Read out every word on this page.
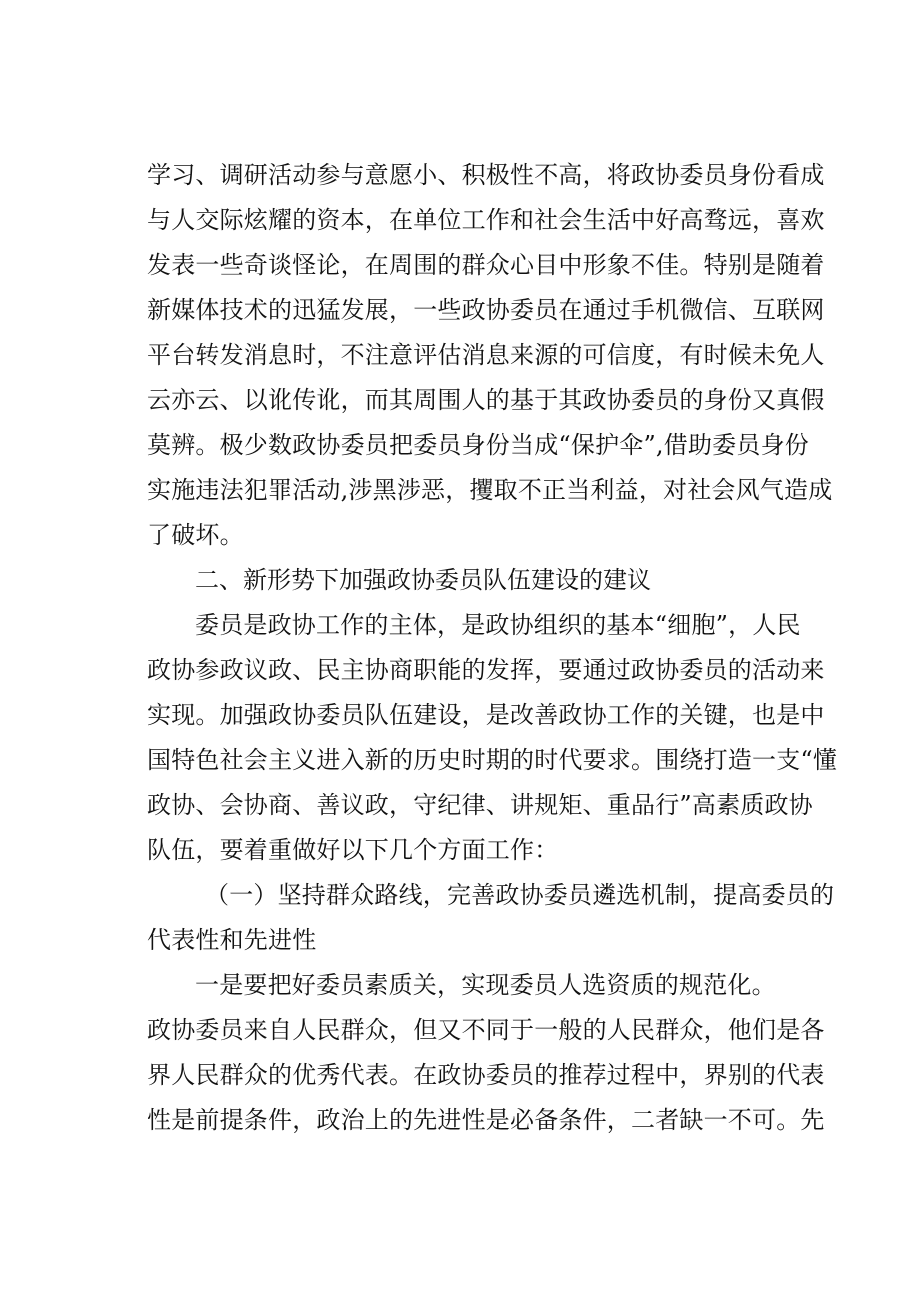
学习、调研活动参与意愿小、积极性不高，将政协委员身份看成
与人交际炫耀的资本，在单位工作和社会生活中好高骛远，喜欢
发表一些奇谈怪论，在周围的群众心目中形象不佳。特别是随着
新媒体技术的迅猛发展，一些政协委员在通过手机微信、互联网
平台转发消息时，不注意评估消息来源的可信度，有时候未免人
云亦云、以讹传讹，而其周围人的基于其政协委员的身份又真假
莫辨。极少数政协委员把委员身份当成“保护伞”,借助委员身份
实施违法犯罪活动,涉黑涉恶，攫取不正当利益，对社会风气造成
了破坏。
二、新形势下加强政协委员队伍建设的建议
委员是政协工作的主体，是政协组织的基本“细胞”，人民
政协参政议政、民主协商职能的发挥，要通过政协委员的活动来
实现。加强政协委员队伍建设，是改善政协工作的关键，也是中
国特色社会主义进入新的历史时期的时代要求。围绕打造一支“懂
政协、会协商、善议政，守纪律、讲规矩、重品行”高素质政协
队伍，要着重做好以下几个方面工作：
（一）坚持群众路线，完善政协委员遴选机制，提高委员的
代表性和先进性
一是要把好委员素质关，实现委员人选资质的规范化。
政协委员来自人民群众，但又不同于一般的人民群众，他们是各
界人民群众的优秀代表。在政协委员的推荐过程中，界别的代表
性是前提条件，政治上的先进性是必备条件，二者缺一不可。先
